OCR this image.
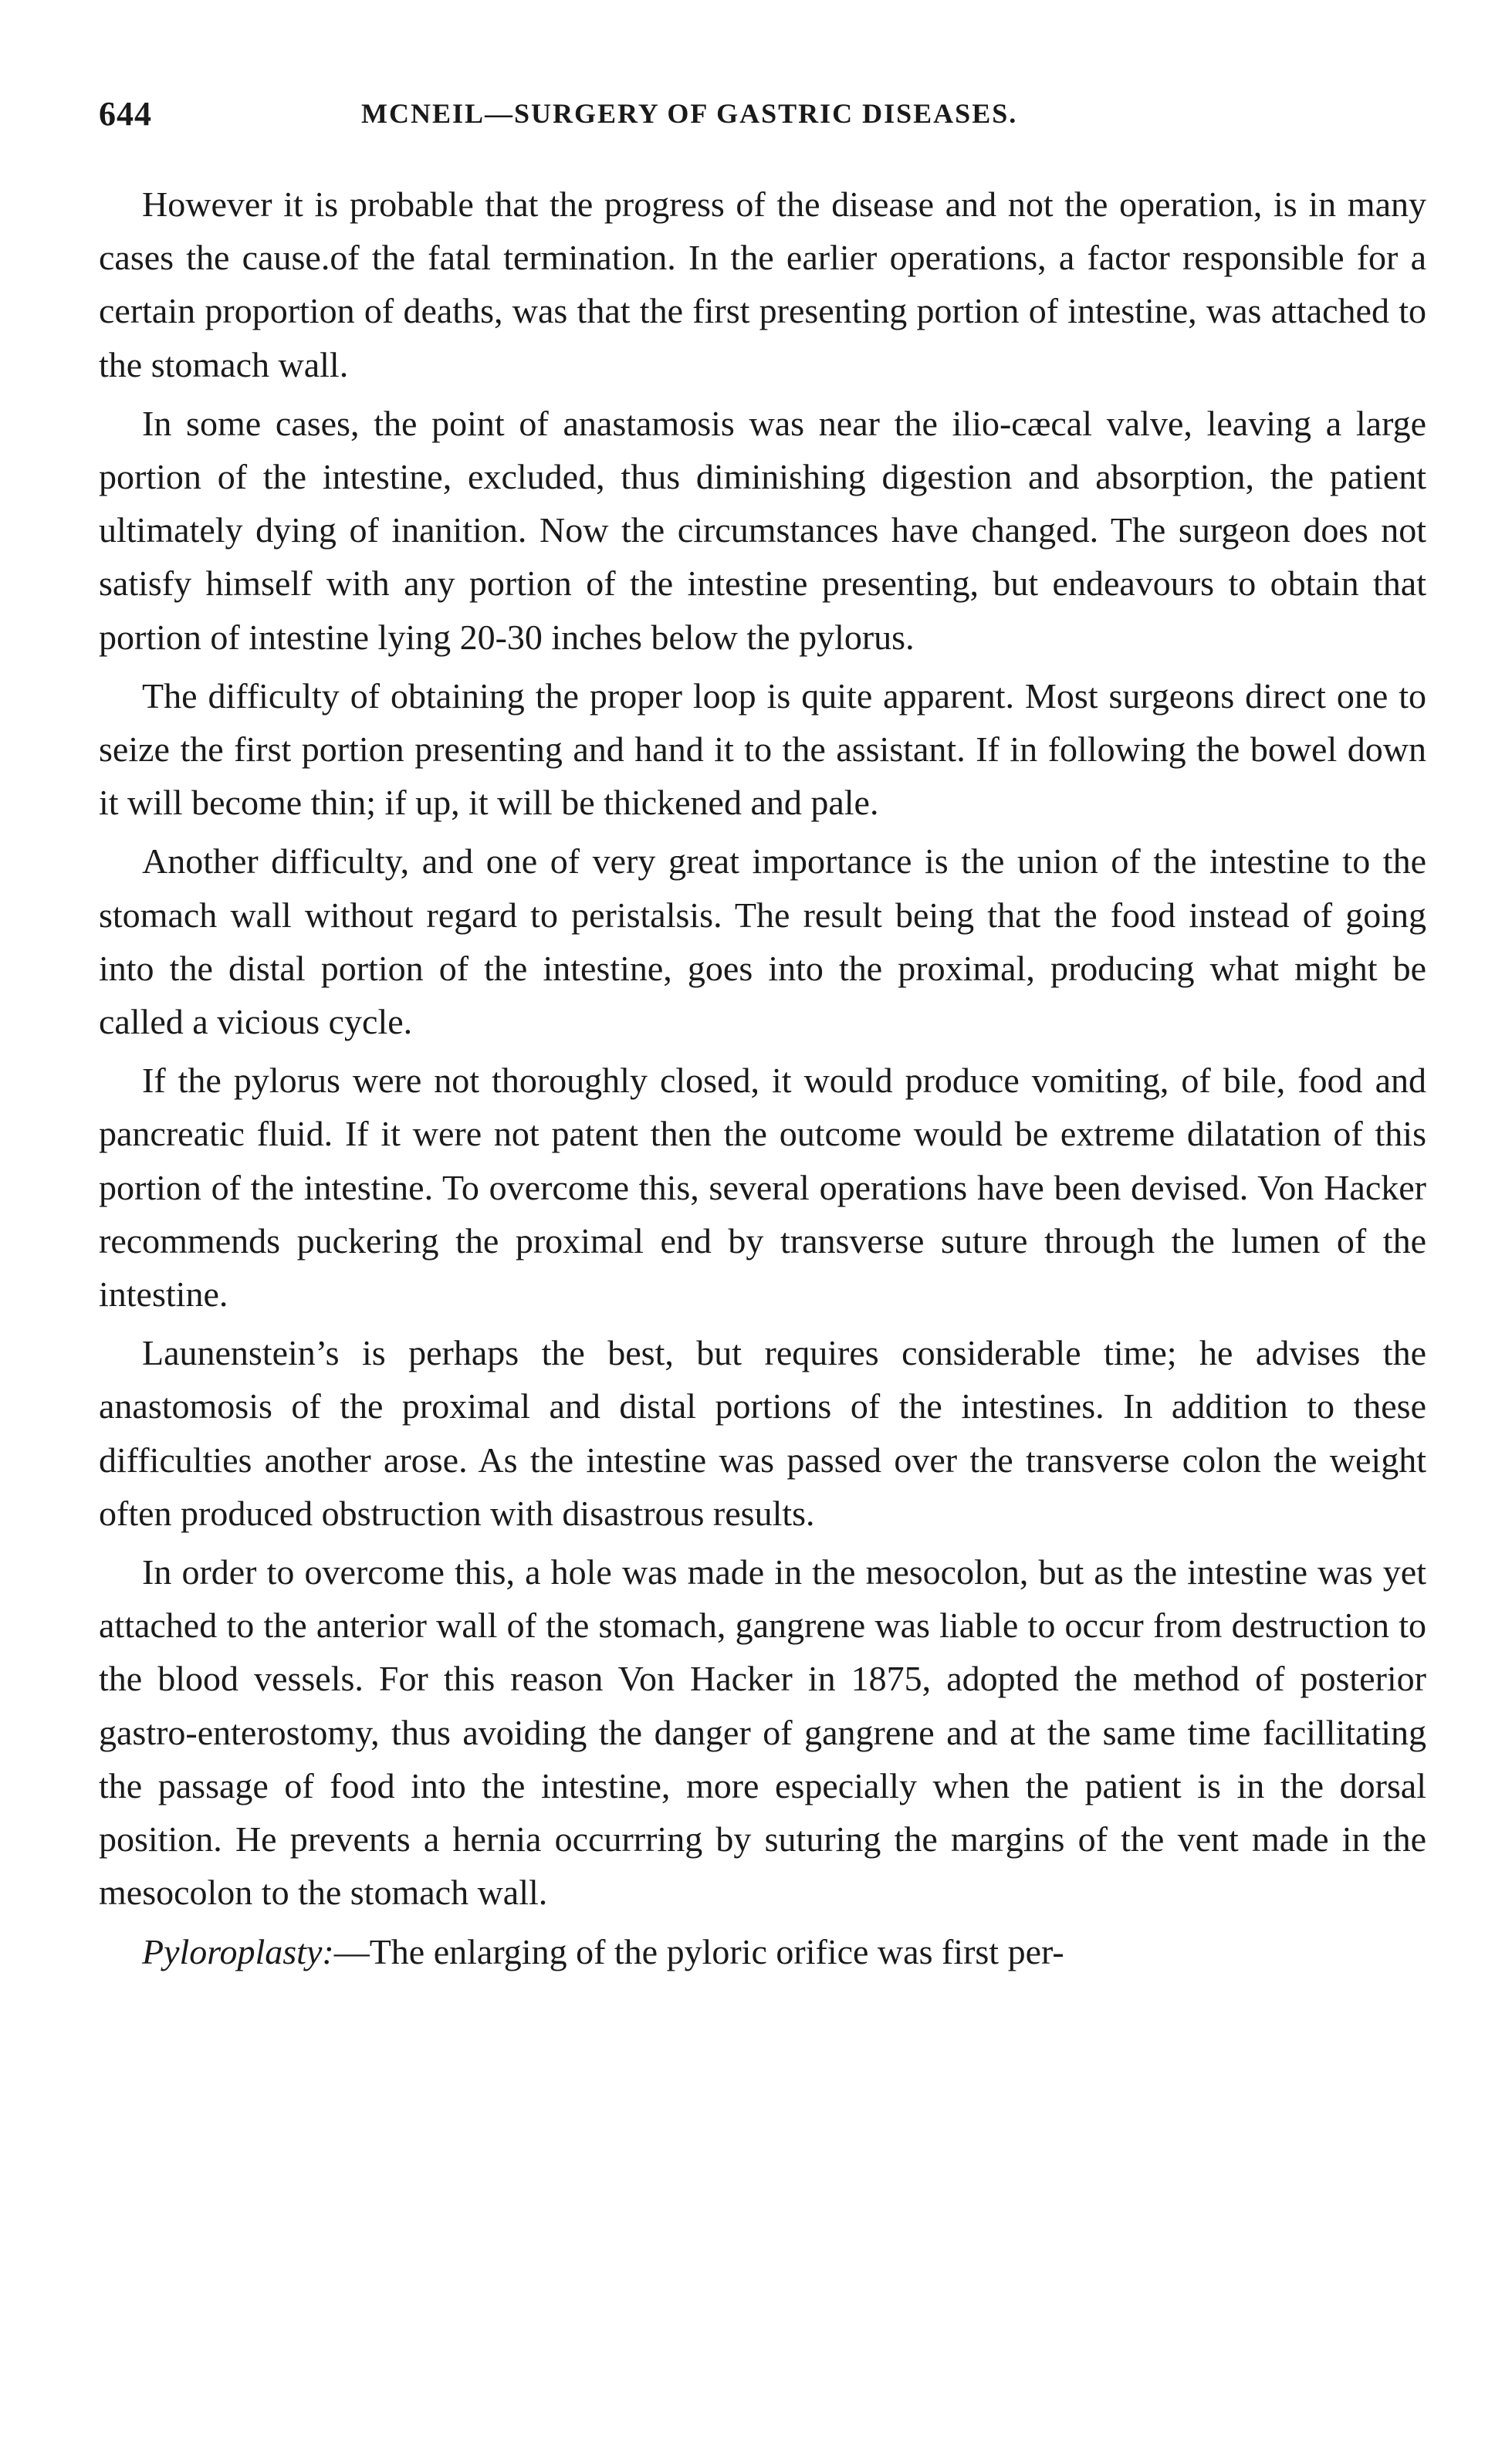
644	MCNEIL—SURGERY OF GASTRIC DISEASES.

However it is probable that the progress of the disease and not the operation, is in many cases the cause.of the fatal termination. In the earlier operations, a factor responsible for a certain proportion of deaths, was that the first presenting portion of intestine, was attached to the stomach wall.

In some cases, the point of anastamosis was near the ilio-cæcal valve, leaving a large portion of the intestine, excluded, thus diminishing digestion and absorption, the patient ultimately dying of inanition. Now the circumstances have changed. The surgeon does not satisfy himself with any portion of the intestine presenting, but endeavours to obtain that portion of intestine lying 20-30 inches below the pylorus.

The difficulty of obtaining the proper loop is quite apparent. Most surgeons direct one to seize the first portion presenting and hand it to the assistant. If in following the bowel down it will become thin; if up, it will be thickened and pale.

Another difficulty, and one of very great importance is the union of the intestine to the stomach wall without regard to peristalsis. The result being that the food instead of going into the distal portion of the intestine, goes into the proximal, producing what might be called a vicious cycle.

If the pylorus were not thoroughly closed, it would produce vomiting, of bile, food and pancreatic fluid. If it were not patent then the outcome would be extreme dilatation of this portion of the intestine. To overcome this, several operations have been devised. Von Hacker recommends puckering the proximal end by transverse suture through the lumen of the intestine.

Launenstein’s is perhaps the best, but requires considerable time; he advises the anastomosis of the proximal and distal portions of the intestines. In addition to these difficulties another arose. As the intestine was passed over the transverse colon the weight often produced obstruction with disastrous results.

In order to overcome this, a hole was made in the mesocolon, but as the intestine was yet attached to the anterior wall of the stomach, gangrene was liable to occur from destruction to the blood vessels. For this reason Von Hacker in 1875, adopted the method of posterior gastro-enterostomy, thus avoiding the danger of gangrene and at the same time facillitating the passage of food into the intestine, more especially when the patient is in the dorsal position. He prevents a hernia occurrring by suturing the margins of the vent made in the mesocolon to the stomach wall.

Pyloroplasty:—The enlarging of the pyloric orifice was first per-
